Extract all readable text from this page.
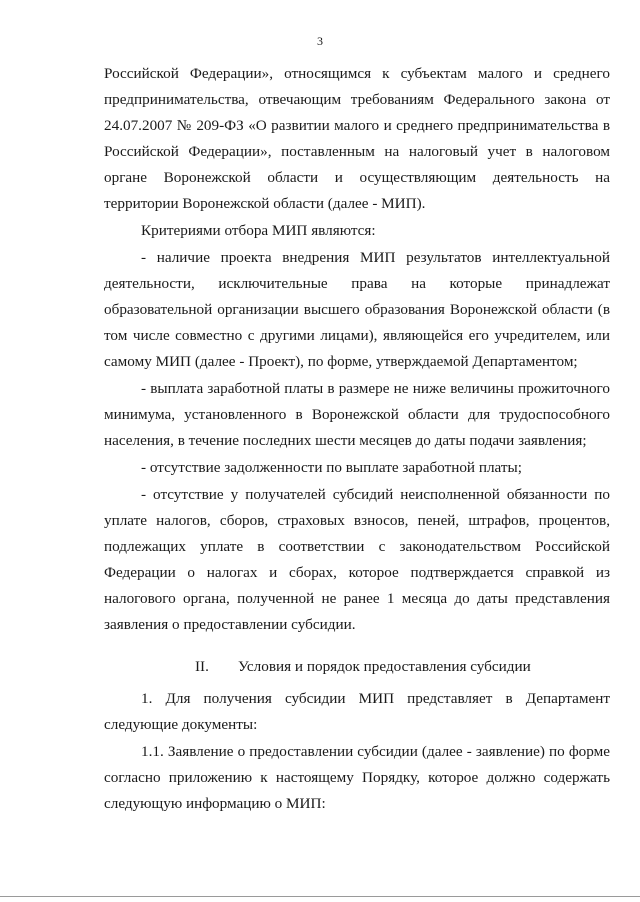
3
Российской Федерации», относящимся к субъектам малого и среднего
предпринимательства, отвечающим требованиям Федерального закона от
24.07.2007 № 209-ФЗ «О развитии малого и среднего предпринимательства в
Российской Федерации», поставленным на налоговый учет в налоговом
органе Воронежской области и осуществляющим деятельность на
территории Воронежской области (далее - МИП).
Критериями отбора МИП являются:
- наличие проекта внедрения МИП результатов интеллектуальной
деятельности, исключительные права на которые принадлежат
образовательной организации высшего образования Воронежской области (в
том числе совместно с другими лицами), являющейся его учредителем, или
самому МИП (далее - Проект), по форме, утверждаемой Департаментом;
- выплата заработной платы в размере не ниже величины прожиточного
минимума, установленного в Воронежской области для трудоспособного
населения, в течение последних шести месяцев до даты подачи заявления;
- отсутствие задолженности по выплате заработной платы;
- отсутствие у получателей субсидий неисполненной обязанности по
уплате налогов, сборов, страховых взносов, пеней, штрафов, процентов,
подлежащих уплате в соответствии с законодательством Российской
Федерации о налогах и сборах, которое подтверждается справкой из
налогового органа, полученной не ранее 1 месяца до даты представления
заявления о предоставлении субсидии.
II. Условия и порядок предоставления субсидии
1. Для получения субсидии МИП представляет в Департамент
следующие документы:
1.1. Заявление о предоставлении субсидии (далее - заявление) по форме
согласно приложению к настоящему Порядку, которое должно содержать
следующую информацию о МИП:
